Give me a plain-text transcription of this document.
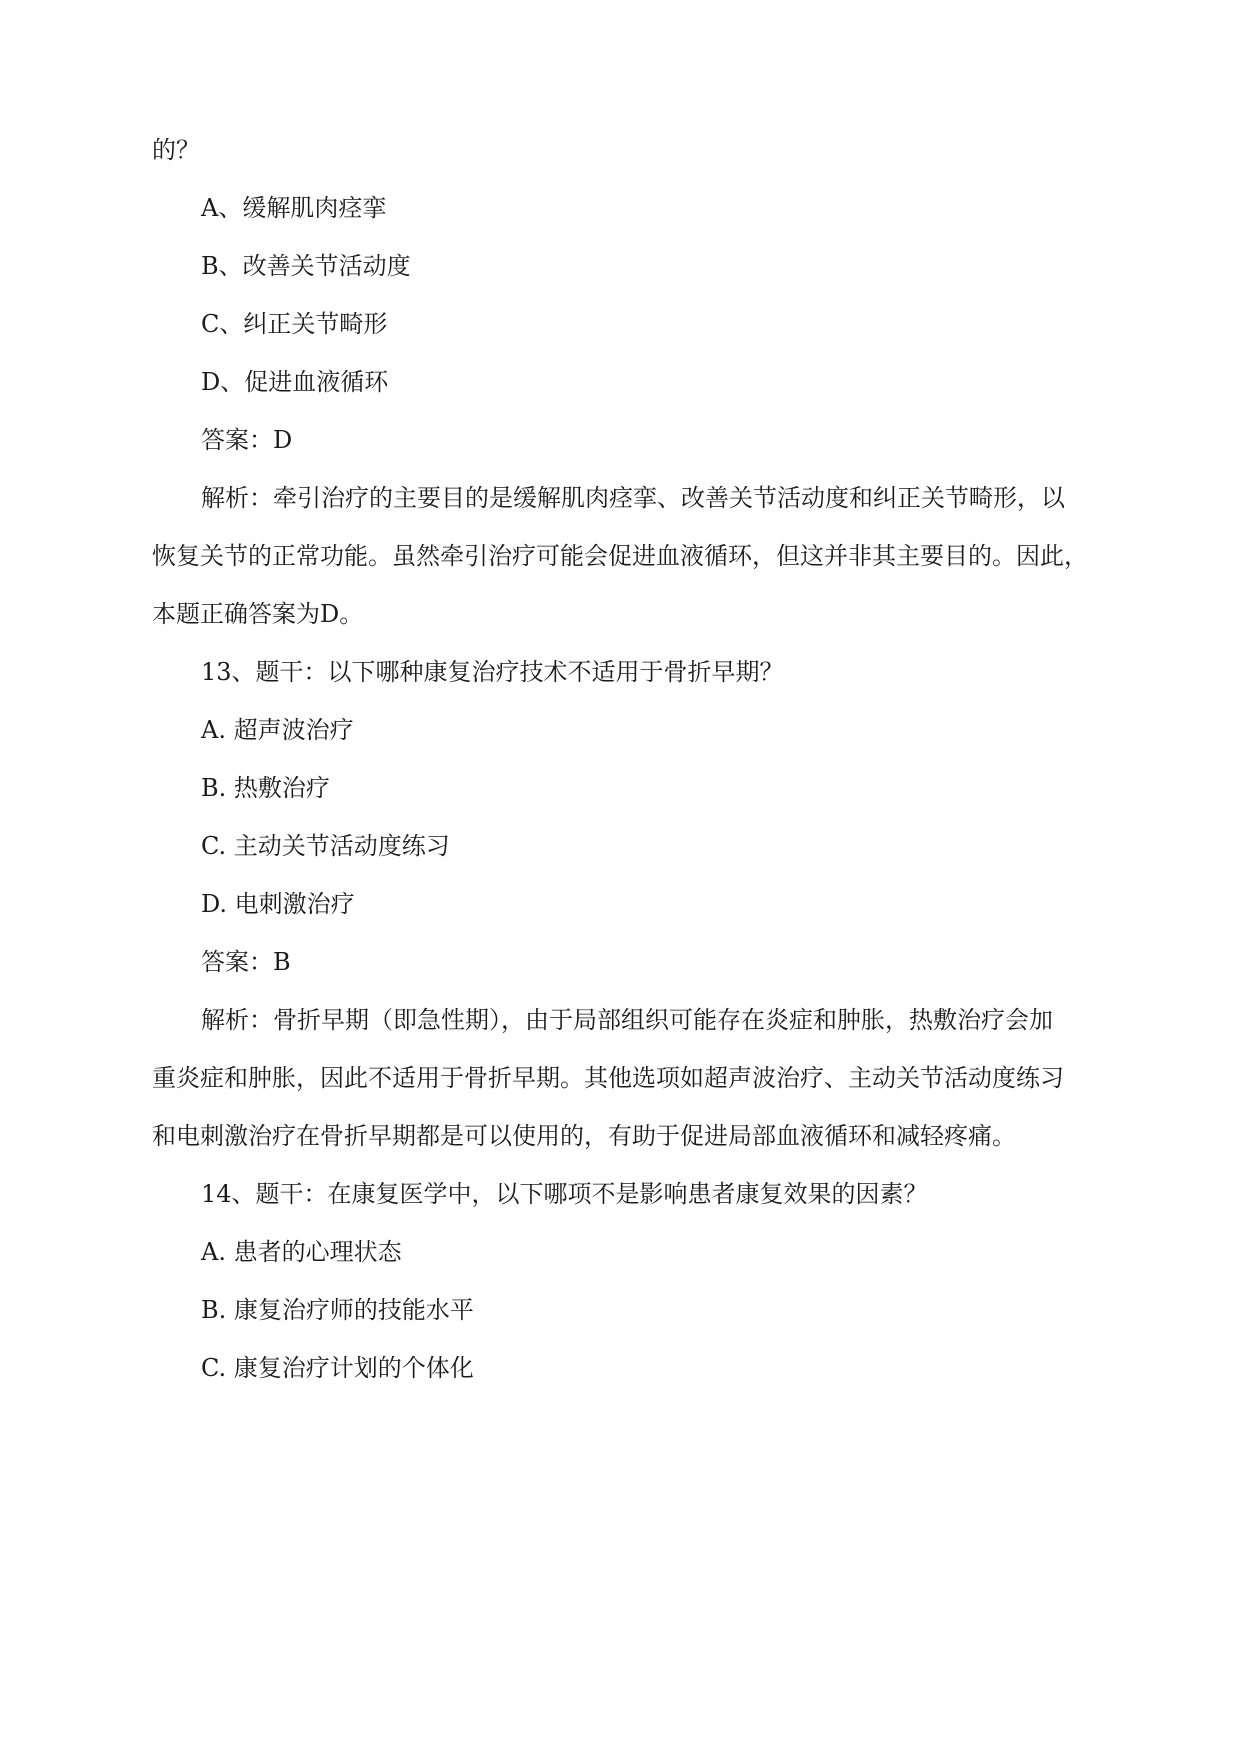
的？

A、缓解肌肉痉挛

B、改善关节活动度

C、纠正关节畸形

D、促进血液循环

答案：D

解析：牵引治疗的主要目的是缓解肌肉痉挛、改善关节活动度和纠正关节畸形，以

恢复关节的正常功能。虽然牵引治疗可能会促进血液循环，但这并非其主要目的。因此，

本题正确答案为D。

13、题干：以下哪种康复治疗技术不适用于骨折早期？

A. 超声波治疗

B. 热敷治疗

C. 主动关节活动度练习

D. 电刺激治疗

答案：B

解析：骨折早期（即急性期），由于局部组织可能存在炎症和肿胀，热敷治疗会加

重炎症和肿胀，因此不适用于骨折早期。其他选项如超声波治疗、主动关节活动度练习

和电刺激治疗在骨折早期都是可以使用的，有助于促进局部血液循环和减轻疼痛。

14、题干：在康复医学中，以下哪项不是影响患者康复效果的因素？

A. 患者的心理状态

B. 康复治疗师的技能水平

C. 康复治疗计划的个体化
